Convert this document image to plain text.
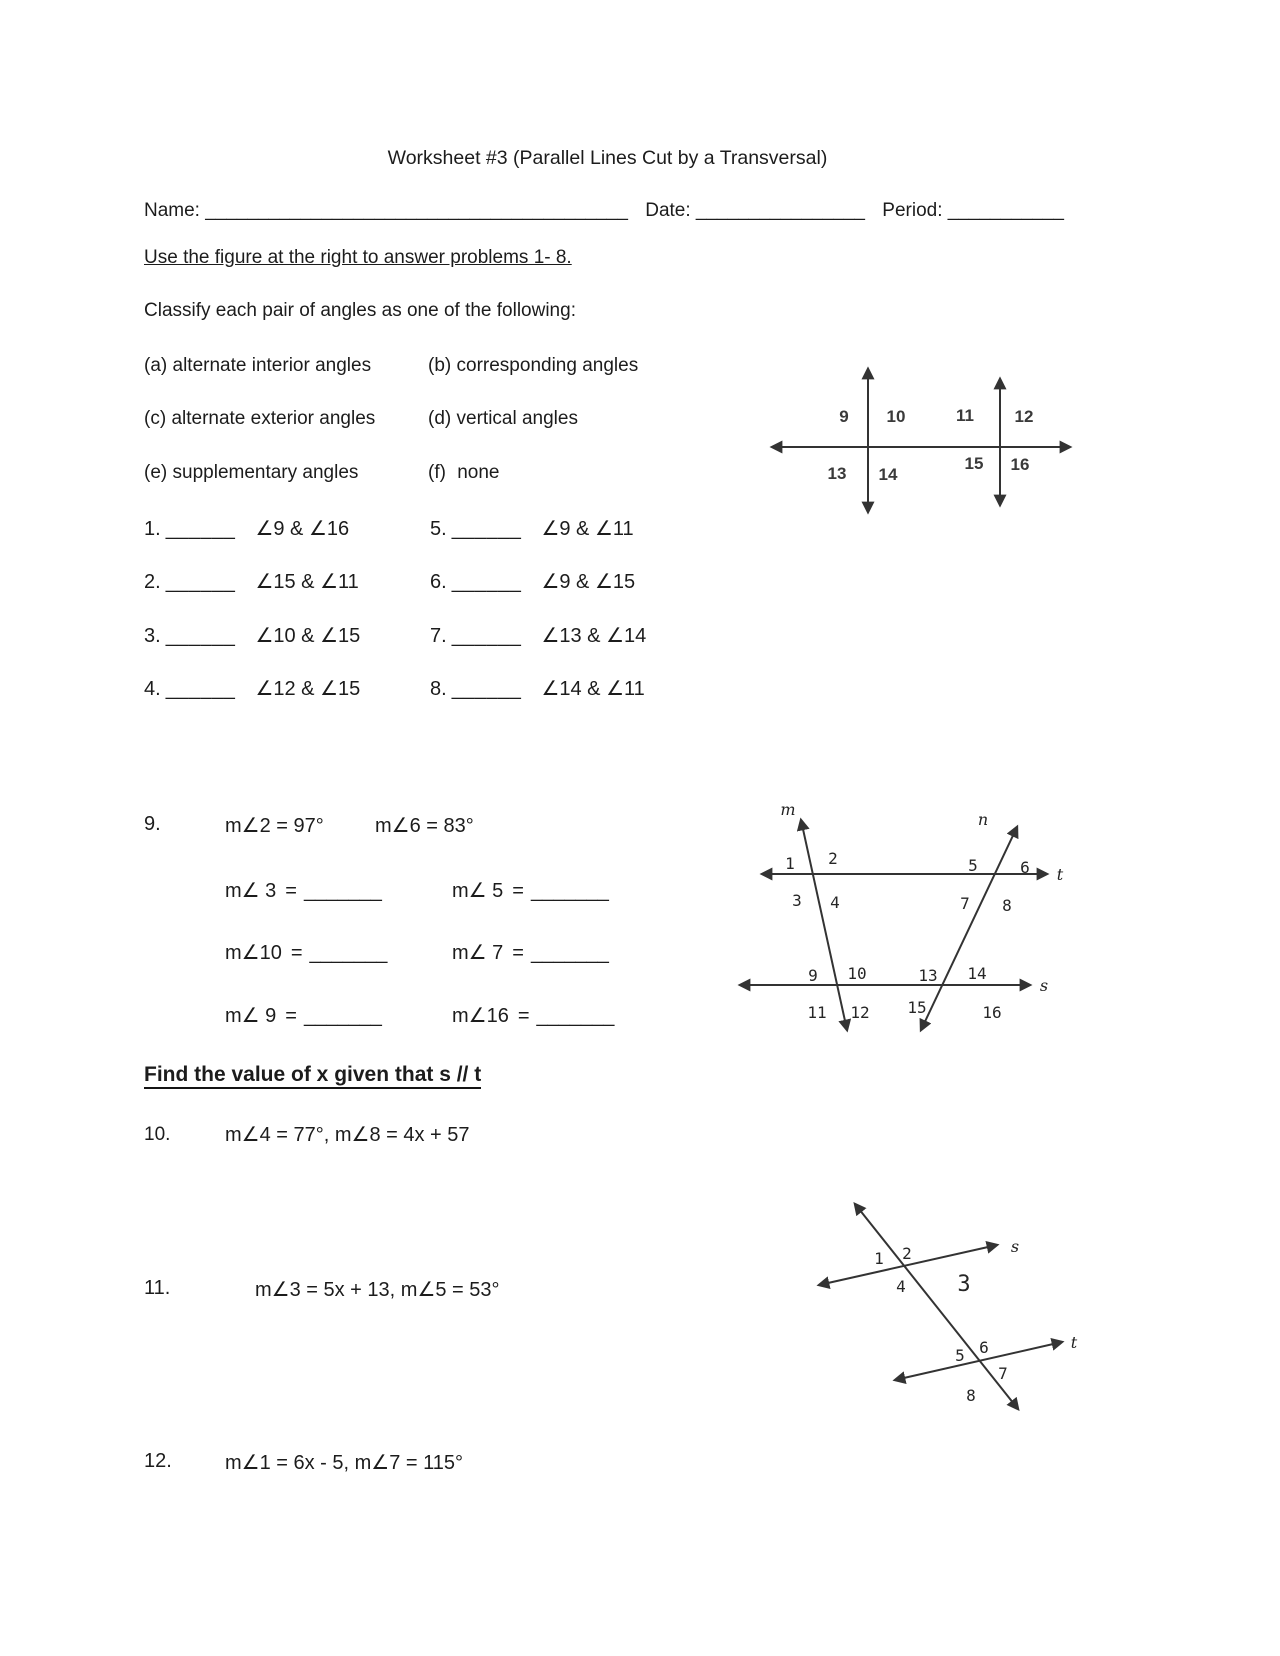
Worksheet #3 (Parallel Lines Cut by a Transversal)
Name: ________________________________________ Date: ________________ Period: ___________
Use the figure at the right to answer problems 1- 8.
Classify each pair of angles as one of the following:
(a) alternate interior angles	(b) corresponding angles
(c) alternate exterior angles	(d) vertical angles
(e) supplementary angles	(f) none
1. ______ ∠9 & ∠16	5. ______ ∠9 & ∠11
2. ______ ∠15 & ∠11	6. ______ ∠9 & ∠15
3. ______ ∠10 & ∠15	7. ______ ∠13 & ∠14
4. ______ ∠12 & ∠15	8. ______ ∠14 & ∠11
9 10	11 12
13 14
15 16
9.	m∠2 = 97°	m∠6 = 83°
m∠ 3 = _______	m∠ 5 = _______
m∠10 = _______	m∠ 7 = _______
m∠ 9 = _______	m∠16 = _______
m
n
t
s
1 2
3 4
5	6
7 8
9 10
11 12
13 14
15	16
Find the value of x given that s // t
10.	m∠4 = 77°, m∠8 = 4x + 57
11.	m∠3 = 5x + 13, m∠5 = 53°
12.	m∠1 = 6x - 5, m∠7 = 115°
s
t
1 2
3
4
5 6
7
8
